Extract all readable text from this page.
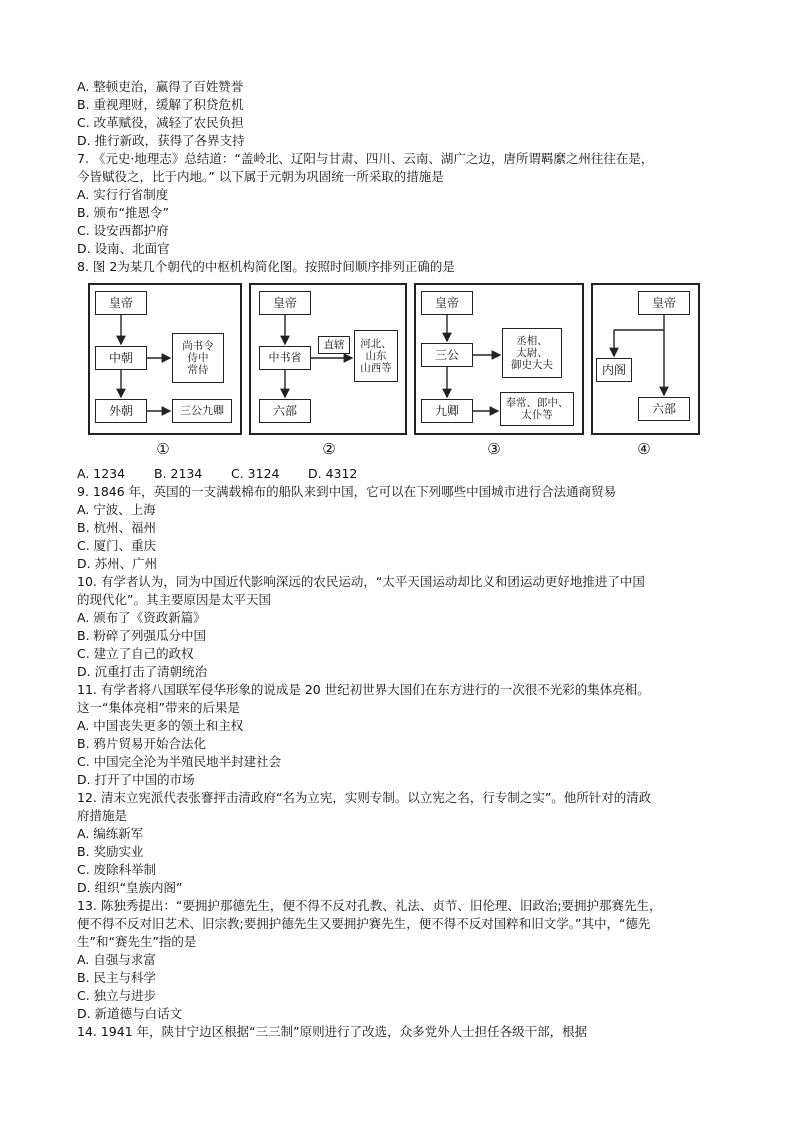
A. 整顿吏治，赢得了百姓赞誉
B. 重视理财，缓解了积贷危机
C. 改革赋役，减轻了农民负担
D. 推行新政，获得了各界支持
7. 《元史·地理志》总结道：“盖岭北、辽阳与甘肃、四川、云南、湖广之边，唐所谓羁縻之州往往在是，
今皆赋役之，比于内地。” 以下属于元朝为巩固统一所采取的措施是
A. 实行行省制度
B. 颁布“推恩令”
C. 设安西都护府
D. 设南、北面官
8. 图 2为某几个朝代的中枢机构简化图。按照时间顺序排列正确的是
皇帝
中朝
尚书令
侍中
常侍
外朝	三公九卿
①
皇帝
中书省
直辖	河北、
山东
山西等
六部
②
皇帝
三公
丞相、
太尉、
御史大夫
九卿
奉常、郎中、
太仆等
③
皇帝
内阁
六部
④
A. 1234 B. 2134 C. 3124 D. 4312
9. 1846 年，英国的一支满载棉布的船队来到中国，它可以在下列哪些中国城市进行合法通商贸易
A. 宁波、上海
B. 杭州、福州
C. 厦门、重庆
D. 苏州、广州
10. 有学者认为，同为中国近代影响深远的农民运动，“太平天国运动却比义和团运动更好地推进了中国
的现代化”。其主要原因是太平天国
A. 颁布了《资政新篇》
B. 粉碎了列强瓜分中国
C. 建立了自己的政权
D. 沉重打击了清朝统治
11. 有学者将八国联军侵华形象的说成是 20 世纪初世界大国们在东方进行的一次很不光彩的集体亮相。
这一“集体亮相”带来的后果是
A. 中国丧失更多的领土和主权
B. 鸦片贸易开始合法化
C. 中国完全沦为半殖民地半封建社会
D. 打开了中国的市场
12. 清末立宪派代表张謇抨击清政府“名为立宪，实则专制。以立宪之名，行专制之实”。他所针对的清政
府措施是
A. 编练新军
B. 奖励实业
C. 废除科举制
D. 组织“皇族内阁”
13. 陈独秀提出：“要拥护那德先生，便不得不反对孔教、礼法、贞节、旧伦理、旧政治;要拥护那赛先生，
便不得不反对旧艺术、旧宗教;要拥护德先生又要拥护赛先生，便不得不反对国粹和旧文学。”其中，“德先
生”和“赛先生”指的是
A. 自强与求富
B. 民主与科学
C. 独立与进步
D. 新道德与白话文
14. 1941 年，陕甘宁边区根据“三三制”原则进行了改选，众多党外人士担任各级干部，根据
